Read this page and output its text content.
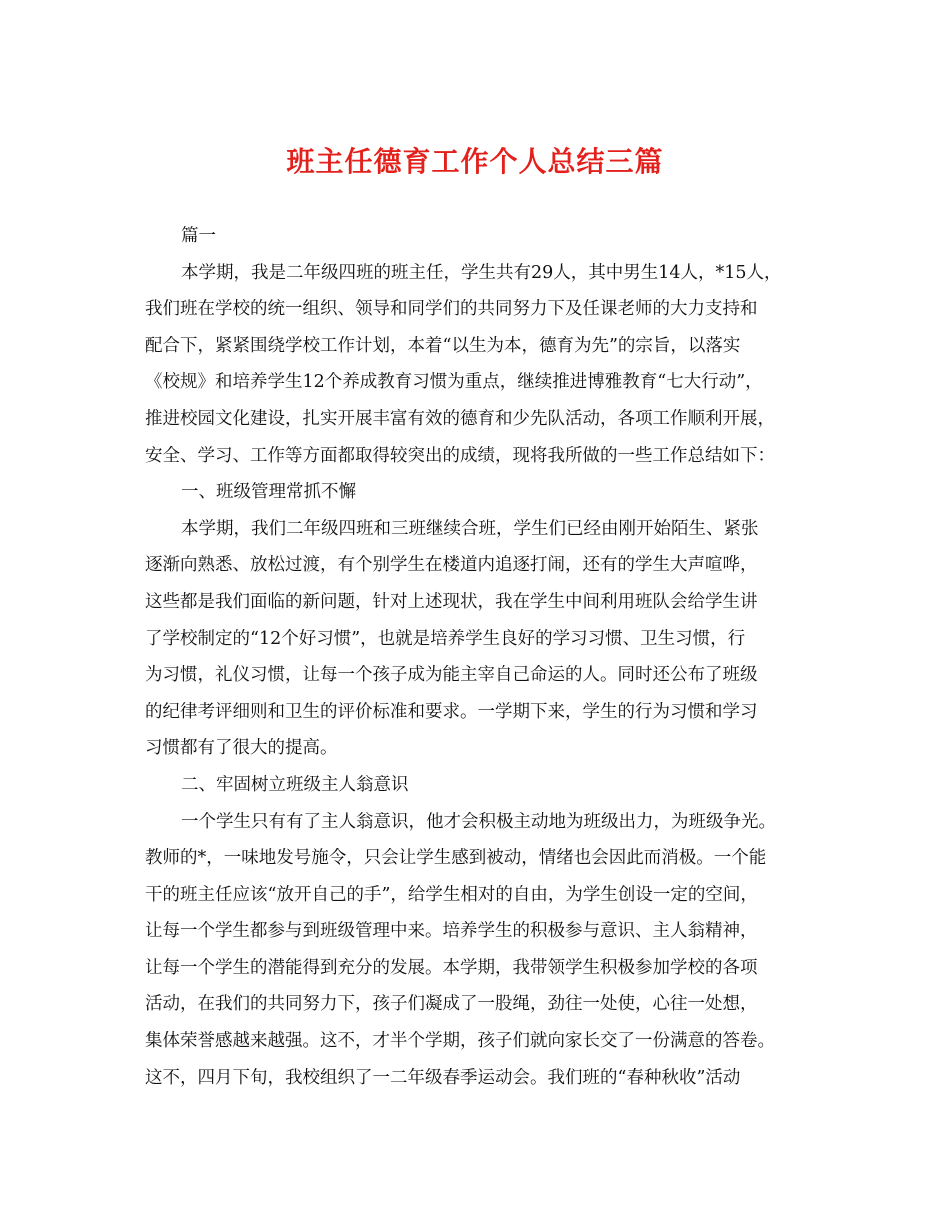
班主任德育工作个人总结三篇
篇一
本学期，我是二年级四班的班主任，学生共有29人，其中男生14人，*15人，
我们班在学校的统一组织、领导和同学们的共同努力下及任课老师的大力支持和
配合下，紧紧围绕学校工作计划，本着“以生为本，德育为先”的宗旨，以落实
《校规》和培养学生12个养成教育习惯为重点，继续推进博雅教育“七大行动”，
推进校园文化建设，扎实开展丰富有效的德育和少先队活动，各项工作顺利开展，
安全、学习、工作等方面都取得较突出的成绩，现将我所做的一些工作总结如下：
一、班级管理常抓不懈
本学期，我们二年级四班和三班继续合班，学生们已经由刚开始陌生、紧张
逐渐向熟悉、放松过渡，有个别学生在楼道内追逐打闹，还有的学生大声喧哗，
这些都是我们面临的新问题，针对上述现状，我在学生中间利用班队会给学生讲
了学校制定的“12个好习惯”，也就是培养学生良好的学习习惯、卫生习惯，行
为习惯，礼仪习惯，让每一个孩子成为能主宰自己命运的人。同时还公布了班级
的纪律考评细则和卫生的评价标准和要求。一学期下来，学生的行为习惯和学习
习惯都有了很大的提高。
二、牢固树立班级主人翁意识
一个学生只有有了主人翁意识，他才会积极主动地为班级出力，为班级争光。
教师的*，一味地发号施令，只会让学生感到被动，情绪也会因此而消极。一个能
干的班主任应该“放开自己的手”，给学生相对的自由，为学生创设一定的空间，
让每一个学生都参与到班级管理中来。培养学生的积极参与意识、主人翁精神，
让每一个学生的潜能得到充分的发展。本学期，我带领学生积极参加学校的各项
活动，在我们的共同努力下，孩子们凝成了一股绳，劲往一处使，心往一处想，
集体荣誉感越来越强。这不，才半个学期，孩子们就向家长交了一份满意的答卷。
这不，四月下旬，我校组织了一二年级春季运动会。我们班的“春种秋收”活动
